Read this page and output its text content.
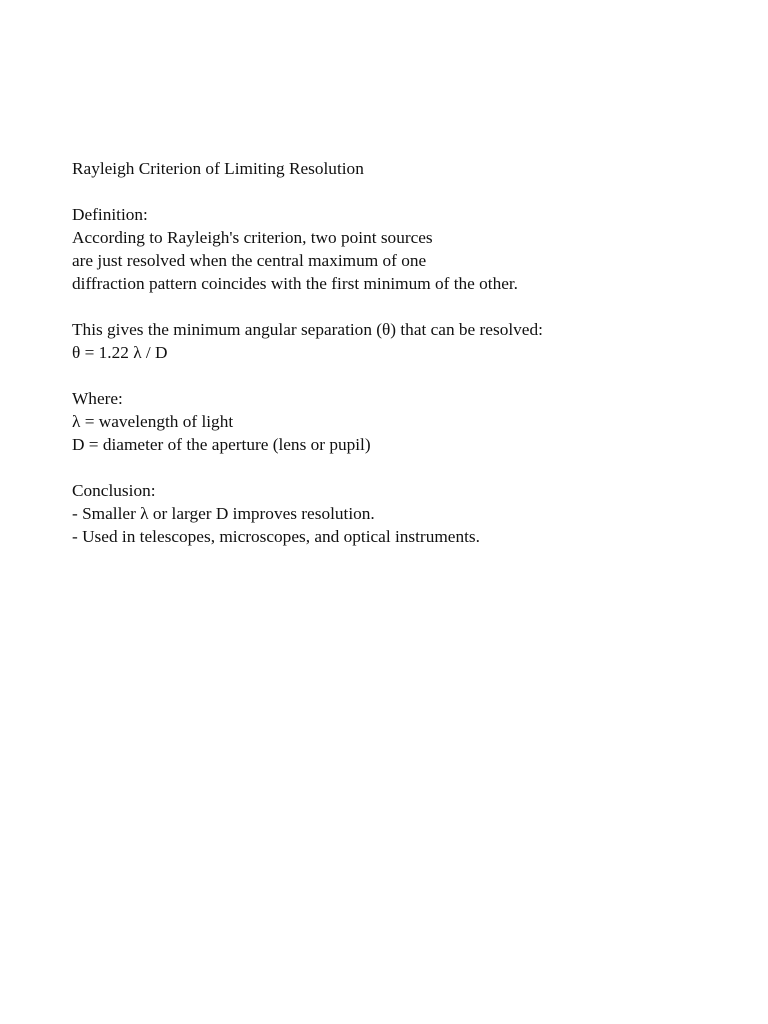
Rayleigh Criterion of Limiting Resolution
Definition:
According to Rayleigh's criterion, two point sources
are just resolved when the central maximum of one
diffraction pattern coincides with the first minimum of the other.
This gives the minimum angular separation (θ) that can be resolved:
θ = 1.22 λ / D
Where:
λ = wavelength of light
D = diameter of the aperture (lens or pupil)
Conclusion:
- Smaller λ or larger D improves resolution.
- Used in telescopes, microscopes, and optical instruments.
